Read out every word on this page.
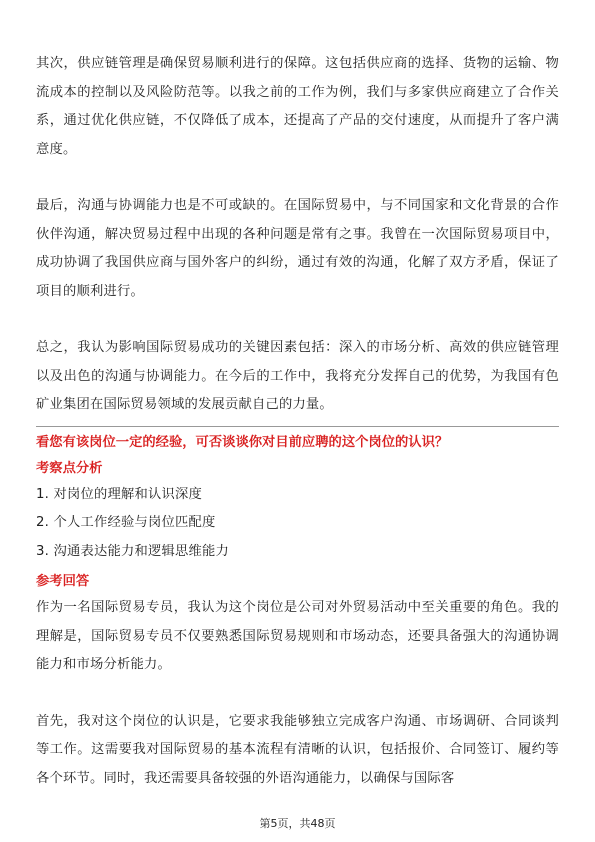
其次，供应链管理是确保贸易顺利进行的保障。这包括供应商的选择、货物的运输、物流成本的控制以及风险防范等。以我之前的工作为例，我们与多家供应商建立了合作关系，通过优化供应链，不仅降低了成本，还提高了产品的交付速度，从而提升了客户满意度。

最后，沟通与协调能力也是不可或缺的。在国际贸易中，与不同国家和文化背景的合作伙伴沟通，解决贸易过程中出现的各种问题是常有之事。我曾在一次国际贸易项目中，成功协调了我国供应商与国外客户的纠纷，通过有效的沟通，化解了双方矛盾，保证了项目的顺利进行。

总之，我认为影响国际贸易成功的关键因素包括：深入的市场分析、高效的供应链管理以及出色的沟通与协调能力。在今后的工作中，我将充分发挥自己的优势，为我国有色矿业集团在国际贸易领域的发展贡献自己的力量。

看您有该岗位一定的经验，可否谈谈你对目前应聘的这个岗位的认识？

考察点分析

1. 对岗位的理解和认识深度
2. 个人工作经验与岗位匹配度
3. 沟通表达能力和逻辑思维能力

参考回答

作为一名国际贸易专员，我认为这个岗位是公司对外贸易活动中至关重要的角色。我的理解是，国际贸易专员不仅要熟悉国际贸易规则和市场动态，还要具备强大的沟通协调能力和市场分析能力。

首先，我对这个岗位的认识是，它要求我能够独立完成客户沟通、市场调研、合同谈判等工作。这需要我对国际贸易的基本流程有清晰的认识，包括报价、合同签订、履约等各个环节。同时，我还需要具备较强的外语沟通能力，以确保与国际客

第5页，共48页
